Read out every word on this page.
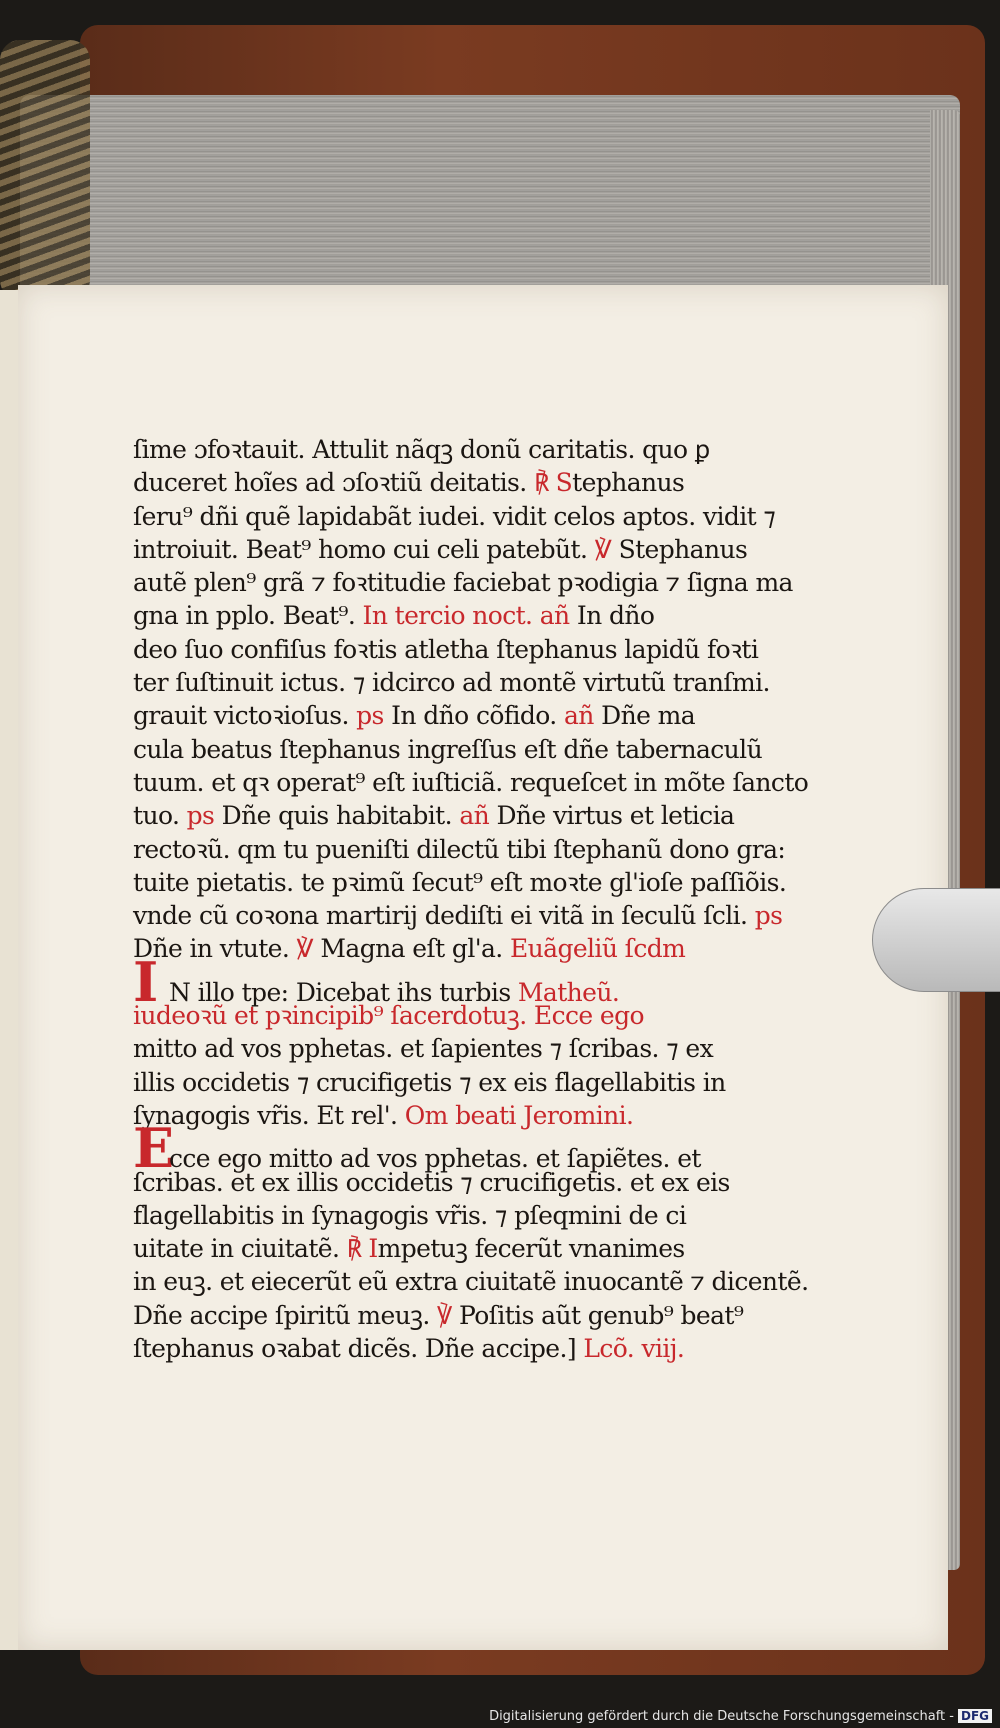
ſime ɔfoꝛtauit. Attulit nãqꝫ donũ caritatis. quo ꝑ
duceret hoĩes ad ɔſoꝛtiũ deitatis. ℟ Stephanus
ſeru⁹ dñi quẽ lapidabãt iudei. vidit celos aptos. vidit ⁊
introiuit. Beat⁹ homo cui celi patebũt. ℣ Stephanus
autẽ plen⁹ grã ⁊ foꝛtitudie faciebat pꝛodigia ⁊ ſigna ma
gna in pplo. Beat⁹. In tercio noct. añ In dño
deo ſuo confiſus foꝛtis atletha ſtephanus lapidũ foꝛti
ter ſuſtinuit ictus. ⁊ idcirco ad montẽ virtutũ tranſmi.
grauit victoꝛioſus. ps In dño cõfido. añ Dñe ma
cula beatus ſtephanus ingreſſus eſt dñe tabernaculũ
tuum. et qꝛ operat⁹ eſt iuſticiã. requeſcet in mõte ſancto
tuo. ps Dñe quis habitabit. añ Dñe virtus et leticia
rectoꝛũ. qm tu pueniſti dilectũ tibi ſtephanũ dono gra:
tuite pietatis. te pꝛimũ ſecut⁹ eſt moꝛte gl'ioſe paſſiõis.
vnde cũ coꝛona martirij dediſti ei vitã in ſeculũ ſcli. ps
Dñe in vtute. ℣ Magna eſt gl'a. Euãgeliũ ſcdm
I N illo tpe: Dicebat ihs turbis Matheũ.
iudeoꝛũ et pꝛincipib⁹ ſacerdotuꝫ. Ecce ego
mitto ad vos pphetas. et ſapientes ⁊ ſcribas. ⁊ ex
illis occidetis ⁊ crucifigetis ⁊ ex eis flagellabitis in
ſynagogis vr̃is. Et rel'. Om beati Jeromini.
Ecce ego mitto ad vos pphetas. et ſapiẽtes. et
ſcribas. et ex illis occidetis ⁊ crucifigetis. et ex eis
flagellabitis in ſynagogis vr̃is. ⁊ pſeqmini de ci
uitate in ciuitatẽ. ℟ Impetuꝫ fecerũt vnanimes
in euꝫ. et eiecerũt eũ extra ciuitatẽ inuocantẽ ⁊ dicentẽ.
Dñe accipe ſpiritũ meuꝫ. ℣ Poſitis aũt genub⁹ beat⁹
ſtephanus oꝛabat dicẽs. Dñe accipe.] Lcõ. viij.
Digitalisierung gefördert durch die Deutsche Forschungsgemeinschaft - DFG
